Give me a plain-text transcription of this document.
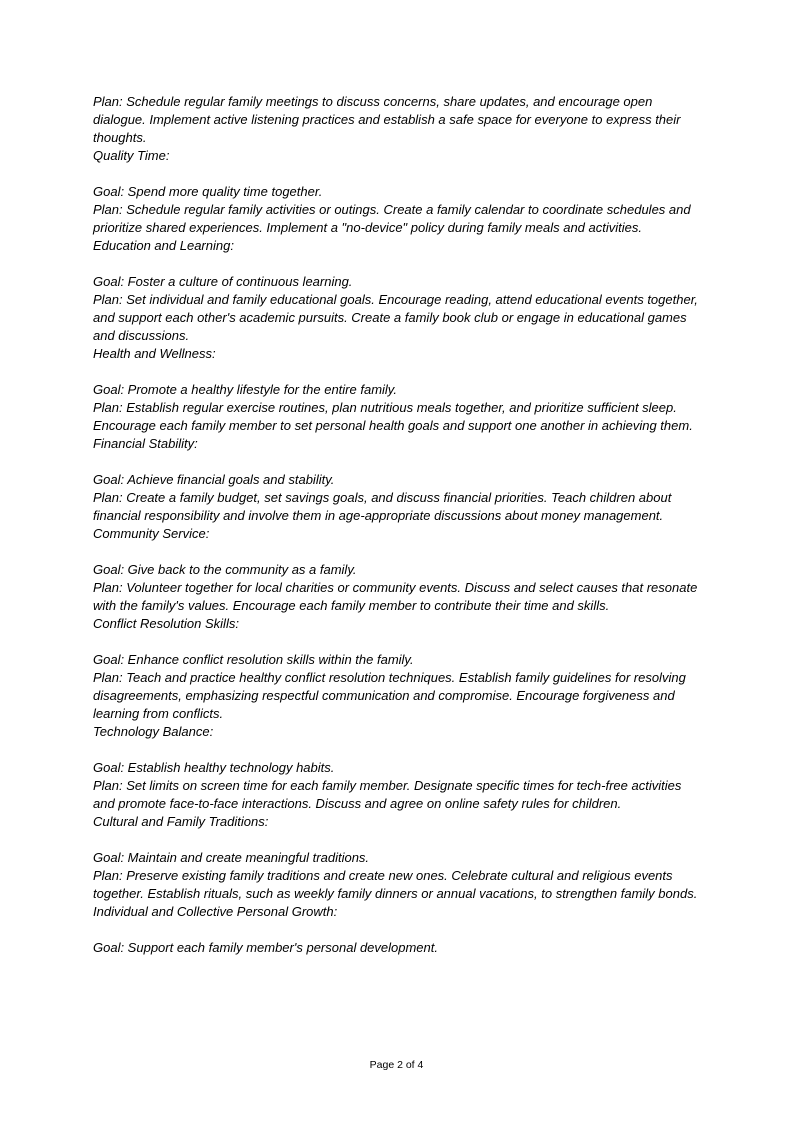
Plan: Schedule regular family meetings to discuss concerns, share updates, and encourage open dialogue. Implement active listening practices and establish a safe space for everyone to express their thoughts.

Quality Time:

Goal: Spend more quality time together.

Plan: Schedule regular family activities or outings. Create a family calendar to coordinate schedules and prioritize shared experiences. Implement a "no-device" policy during family meals and activities.

Education and Learning:

Goal: Foster a culture of continuous learning.

Plan: Set individual and family educational goals. Encourage reading, attend educational events together, and support each other's academic pursuits. Create a family book club or engage in educational games and discussions.

Health and Wellness:

Goal: Promote a healthy lifestyle for the entire family.

Plan: Establish regular exercise routines, plan nutritious meals together, and prioritize sufficient sleep. Encourage each family member to set personal health goals and support one another in achieving them.

Financial Stability:

Goal: Achieve financial goals and stability.

Plan: Create a family budget, set savings goals, and discuss financial priorities. Teach children about financial responsibility and involve them in age-appropriate discussions about money management.

Community Service:

Goal: Give back to the community as a family.

Plan: Volunteer together for local charities or community events. Discuss and select causes that resonate with the family's values. Encourage each family member to contribute their time and skills.

Conflict Resolution Skills:

Goal: Enhance conflict resolution skills within the family.

Plan: Teach and practice healthy conflict resolution techniques. Establish family guidelines for resolving disagreements, emphasizing respectful communication and compromise. Encourage forgiveness and learning from conflicts.

Technology Balance:

Goal: Establish healthy technology habits.

Plan: Set limits on screen time for each family member. Designate specific times for tech-free activities and promote face-to-face interactions. Discuss and agree on online safety rules for children.

Cultural and Family Traditions:

Goal: Maintain and create meaningful traditions.

Plan: Preserve existing family traditions and create new ones. Celebrate cultural and religious events together. Establish rituals, such as weekly family dinners or annual vacations, to strengthen family bonds.

Individual and Collective Personal Growth:

Goal: Support each family member's personal development.

Page 2 of 4
